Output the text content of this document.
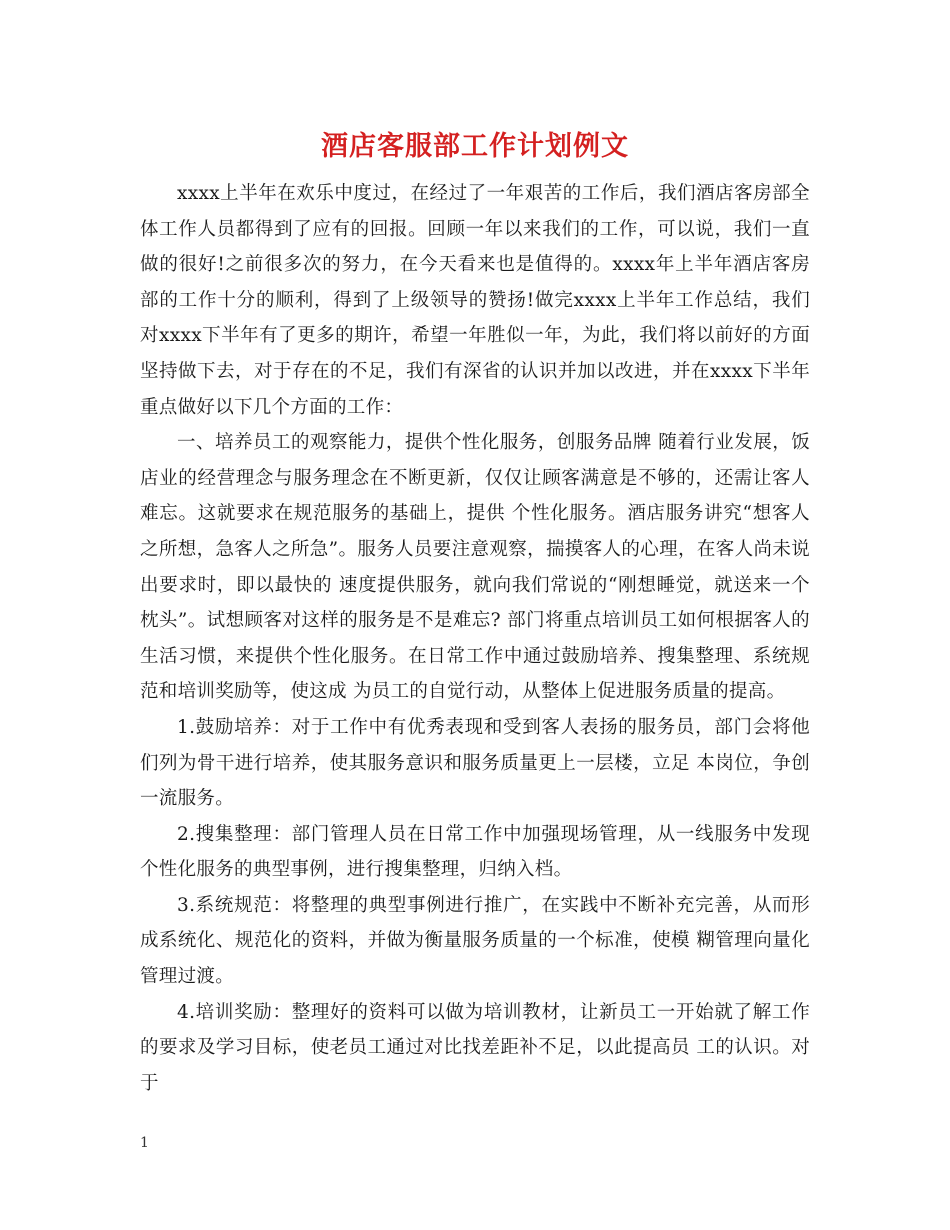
酒店客服部工作计划例文

xxxx上半年在欢乐中度过，在经过了一年艰苦的工作后，我们酒店客房部全体工作人员都得到了应有的回报。回顾一年以来我们的工作，可以说，我们一直做的很好!之前很多次的努力，在今天看来也是值得的。xxxx年上半年酒店客房部的工作十分的顺利，得到了上级领导的赞扬!做完xxxx上半年工作总结，我们对xxxx下半年有了更多的期许，希望一年胜似一年，为此，我们将以前好的方面坚持做下去，对于存在的不足，我们有深省的认识并加以改进，并在xxxx下半年重点做好以下几个方面的工作：

一、培养员工的观察能力，提供个性化服务，创服务品牌 随着行业发展，饭店业的经营理念与服务理念在不断更新，仅仅让顾客满意是不够的，还需让客人难忘。这就要求在规范服务的基础上，提供 个性化服务。酒店服务讲究“想客人之所想，急客人之所急”。服务人员要注意观察，揣摸客人的心理，在客人尚未说出要求时，即以最快的 速度提供服务，就向我们常说的“刚想睡觉，就送来一个枕头”。试想顾客对这样的服务是不是难忘? 部门将重点培训员工如何根据客人的生活习惯，来提供个性化服务。在日常工作中通过鼓励培养、搜集整理、系统规范和培训奖励等，使这成 为员工的自觉行动，从整体上促进服务质量的提高。

1.鼓励培养：对于工作中有优秀表现和受到客人表扬的服务员，部门会将他们列为骨干进行培养，使其服务意识和服务质量更上一层楼，立足 本岗位，争创一流服务。

2.搜集整理：部门管理人员在日常工作中加强现场管理，从一线服务中发现个性化服务的典型事例，进行搜集整理，归纳入档。

3.系统规范：将整理的典型事例进行推广，在实践中不断补充完善，从而形成系统化、规范化的资料，并做为衡量服务质量的一个标准，使模 糊管理向量化管理过渡。

4.培训奖励：整理好的资料可以做为培训教材，让新员工一开始就了解工作的要求及学习目标，使老员工通过对比找差距补不足，以此提高员 工的认识。对于

1
